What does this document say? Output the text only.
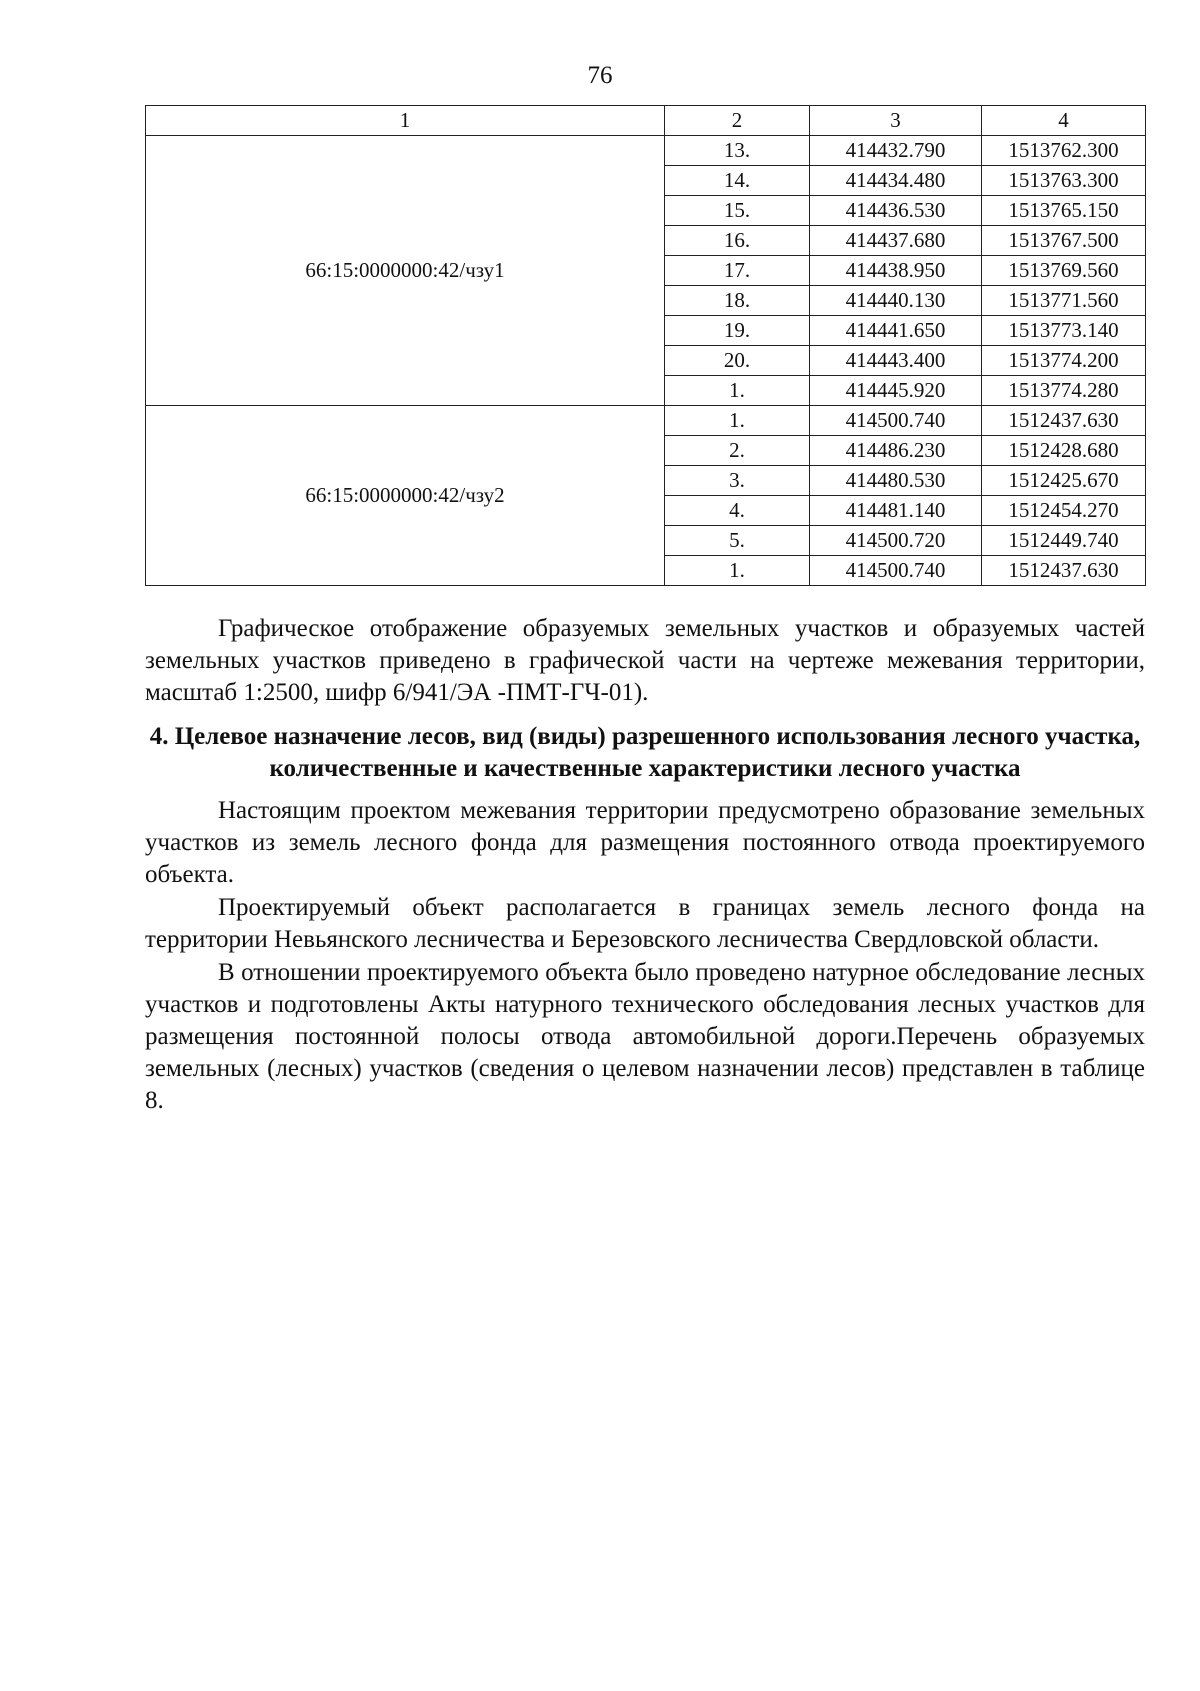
76
1	2	3	4
66:15:0000000:42/чзу1	13.	414432.790	1513762.300
	14.	414434.480	1513763.300
	15.	414436.530	1513765.150
	16.	414437.680	1513767.500
	17.	414438.950	1513769.560
	18.	414440.130	1513771.560
	19.	414441.650	1513773.140
	20.	414443.400	1513774.200
	1.	414445.920	1513774.280
66:15:0000000:42/чзу2	1.	414500.740	1512437.630
	2.	414486.230	1512428.680
	3.	414480.530	1512425.670
	4.	414481.140	1512454.270
	5.	414500.720	1512449.740
	1.	414500.740	1512437.630

Графическое отображение образуемых земельных участков и образуемых частей земельных участков приведено в графической части на чертеже межевания территории, масштаб 1:2500, шифр 6/941/ЭА -ПМТ-ГЧ-01).

4. Целевое назначение лесов, вид (виды) разрешенного использования лесного участка, количественные и качественные характеристики лесного участка

Настоящим проектом межевания территории предусмотрено образование земельных участков из земель лесного фонда для размещения постоянного отвода проектируемого объекта.

Проектируемый объект располагается в границах земель лесного фонда на территории Невьянского лесничества и Березовского лесничества Свердловской области.

В отношении проектируемого объекта было проведено натурное обследование лесных участков и подготовлены Акты натурного технического обследования лесных участков для размещения постоянной полосы отвода автомобильной дороги.Перечень образуемых земельных (лесных) участков (сведения о целевом назначении лесов) представлен в таблице 8.
